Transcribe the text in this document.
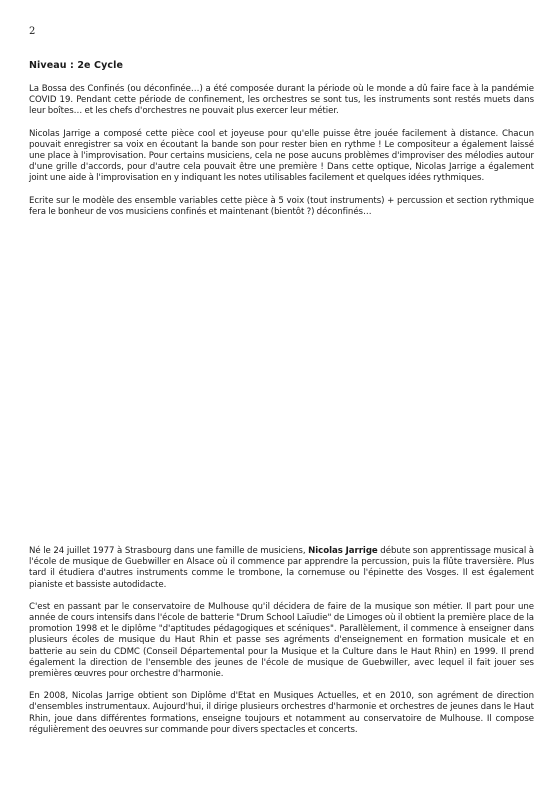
2
Niveau : 2e Cycle

La Bossa des Confinés (ou déconfinée…) a été composée durant la période où le monde a dû faire face à la pandémie COVID 19. Pendant cette période de confinement, les orchestres se sont tus, les instruments sont restés muets dans leur boîtes… et les chefs d'orchestres ne pouvait plus exercer leur métier.

Nicolas Jarrige a composé cette pièce cool et joyeuse pour qu'elle puisse être jouée facilement à distance. Chacun pouvait enregistrer sa voix en écoutant la bande son pour rester bien en rythme ! Le compositeur a également laissé une place à l'improvisation. Pour certains musiciens, cela ne pose aucuns problèmes d'improviser des mélodies autour d'une grille d'accords, pour d'autre cela pouvait être une première ! Dans cette optique, Nicolas Jarrige a également joint une aide à l'improvisation en y indiquant les notes utilisables facilement et quelques idées rythmiques.

Ecrite sur le modèle des ensemble variables cette pièce à 5 voix (tout instruments) + percussion et section rythmique fera le bonheur de vos musiciens confinés et maintenant (bientôt ?) déconfinés…

Né le 24 juillet 1977 à Strasbourg dans une famille de musiciens, Nicolas Jarrige débute son apprentissage musical à l'école de musique de Guebwiller en Alsace où il commence par apprendre la percussion, puis la flûte traversière. Plus tard il étudiera d'autres instruments comme le trombone, la cornemuse ou l'épinette des Vosges. Il est également pianiste et bassiste autodidacte.

C'est en passant par le conservatoire de Mulhouse qu'il décidera de faire de la musique son métier. Il part pour une année de cours intensifs dans l'école de batterie "Drum School Laïudie" de Limoges où il obtient la première place de la promotion 1998 et le diplôme "d'aptitudes pédagogiques et scéniques". Parallèlement, il commence à enseigner dans plusieurs écoles de musique du Haut Rhin et passe ses agréments d'enseignement en formation musicale et en batterie au sein du CDMC (Conseil Départemental pour la Musique et la Culture dans le Haut Rhin) en 1999. Il prend également la direction de l'ensemble des jeunes de l'école de musique de Guebwiller, avec lequel il fait jouer ses premières œuvres pour orchestre d'harmonie.

En 2008, Nicolas Jarrige obtient son Diplôme d'Etat en Musiques Actuelles, et en 2010, son agrément de direction d'ensembles instrumentaux. Aujourd'hui, il dirige plusieurs orchestres d'harmonie et orchestres de jeunes dans le Haut Rhin, joue dans différentes formations, enseigne toujours et notamment au conservatoire de Mulhouse. Il compose régulièrement des oeuvres sur commande pour divers spectacles et concerts.
